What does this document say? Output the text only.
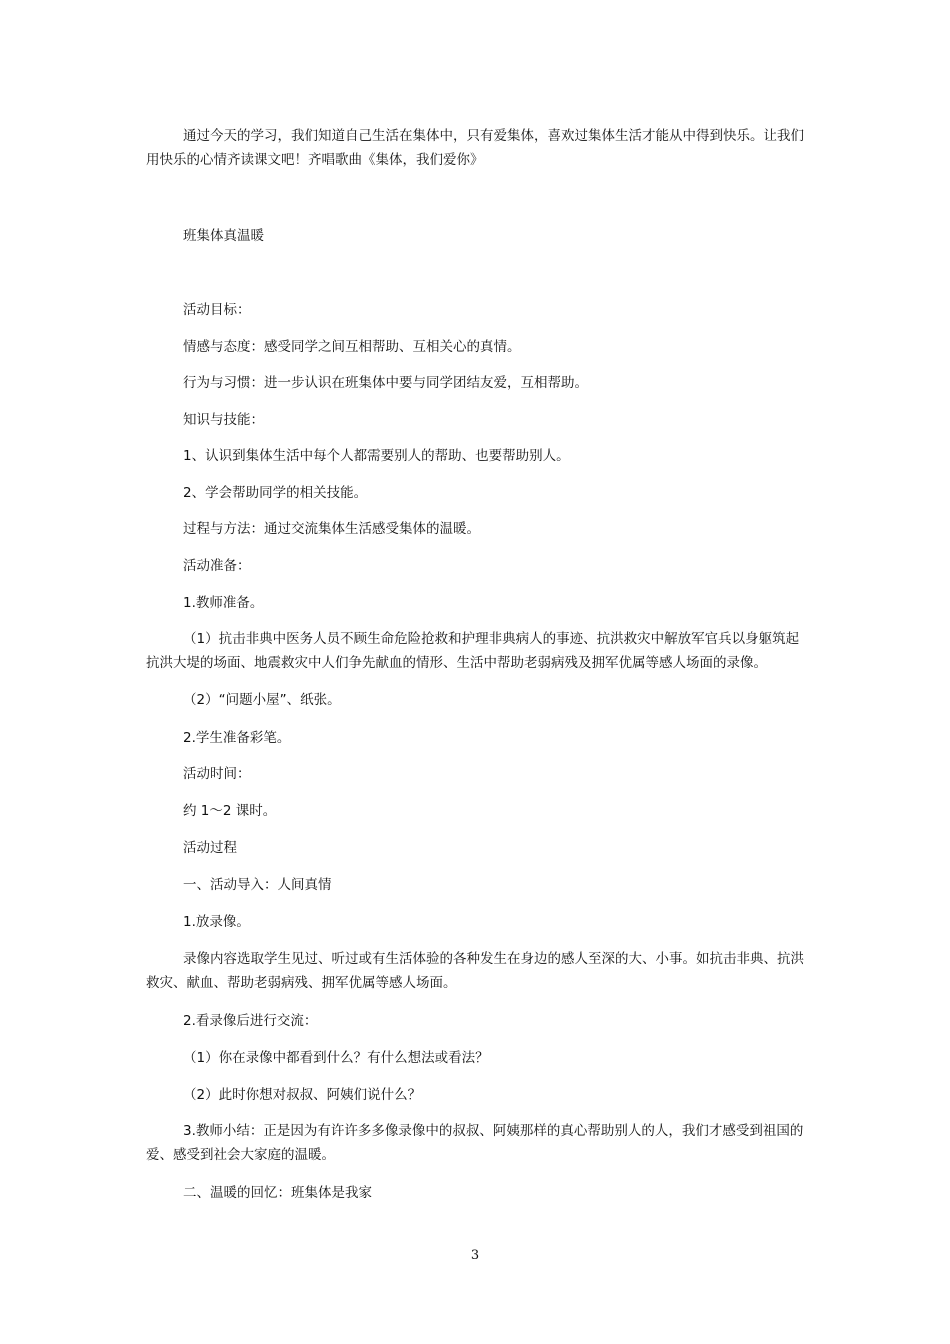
通过今天的学习，我们知道自己生活在集体中，只有爱集体，喜欢过集体生活才能从中得到快乐。让我们用快乐的心情齐读课文吧！齐唱歌曲《集体，我们爱你》

班集体真温暖

活动目标：

情感与态度：感受同学之间互相帮助、互相关心的真情。

行为与习惯：进一步认识在班集体中要与同学团结友爱，互相帮助。

知识与技能：

1、认识到集体生活中每个人都需要别人的帮助、也要帮助别人。

2、学会帮助同学的相关技能。

过程与方法：通过交流集体生活感受集体的温暖。

活动准备：

1.教师准备。

（1）抗击非典中医务人员不顾生命危险抢救和护理非典病人的事迹、抗洪救灾中解放军官兵以身躯筑起抗洪大堤的场面、地震救灾中人们争先献血的情形、生活中帮助老弱病残及拥军优属等感人场面的录像。

（2）“问题小屋”、纸张。

2.学生准备彩笔。

活动时间：

约 1～2 课时。

活动过程

一、活动导入：人间真情

1.放录像。

录像内容选取学生见过、听过或有生活体验的各种发生在身边的感人至深的大、小事。如抗击非典、抗洪救灾、献血、帮助老弱病残、拥军优属等感人场面。

2.看录像后进行交流：

（1）你在录像中都看到什么？有什么想法或看法？

（2）此时你想对叔叔、阿姨们说什么？

3.教师小结：正是因为有许许多多像录像中的叔叔、阿姨那样的真心帮助别人的人，我们才感受到祖国的爱、感受到社会大家庭的温暖。

二、温暖的回忆：班集体是我家

3
